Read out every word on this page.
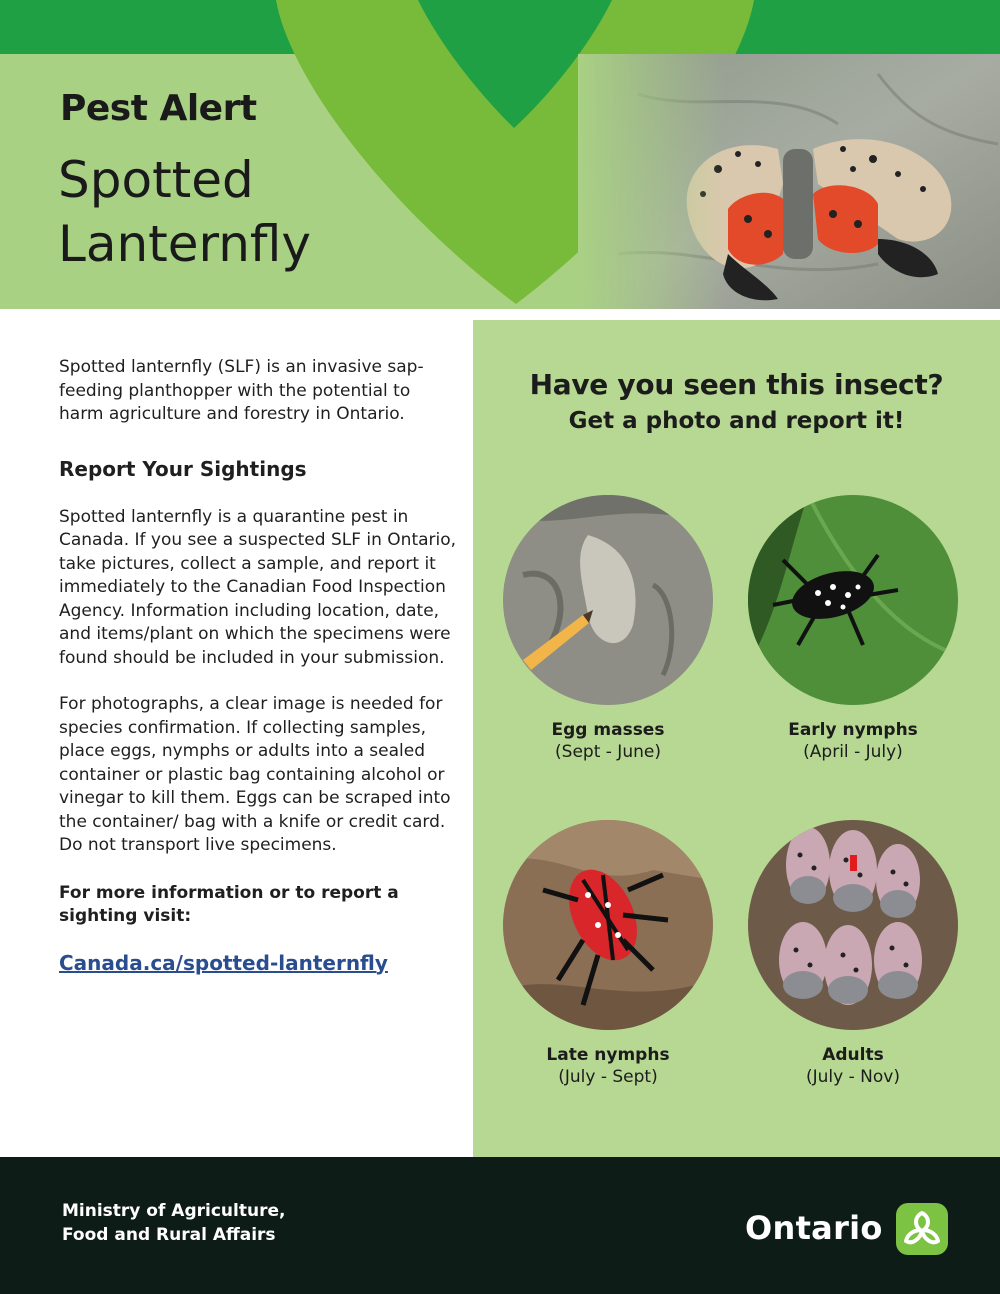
Pest Alert
Spotted
Lanternfly

Spotted lanternfly (SLF) is an invasive sap-feeding planthopper with the potential to harm agriculture and forestry in Ontario.

Report Your Sightings

Spotted lanternfly is a quarantine pest in Canada. If you see a suspected SLF in Ontario, take pictures, collect a sample, and report it immediately to the Canadian Food Inspection Agency. Information including location, date, and items/plant on which the specimens were found should be included in your submission.

For photographs, a clear image is needed for species confirmation. If collecting samples, place eggs, nymphs or adults into a sealed container or plastic bag containing alcohol or vinegar to kill them. Eggs can be scraped into the container/ bag with a knife or credit card. Do not transport live specimens.

For more information or to report a sighting visit:

Canada.ca/spotted-lanternfly
Have you seen this insect?
Get a photo and report it!
Egg masses
(Sept - June)
Early nymphs
(April - July)
Late nymphs
(July - Sept)
Adults
(July - Nov)
Ministry of Agriculture,
Food and Rural Affairs	Ontario
